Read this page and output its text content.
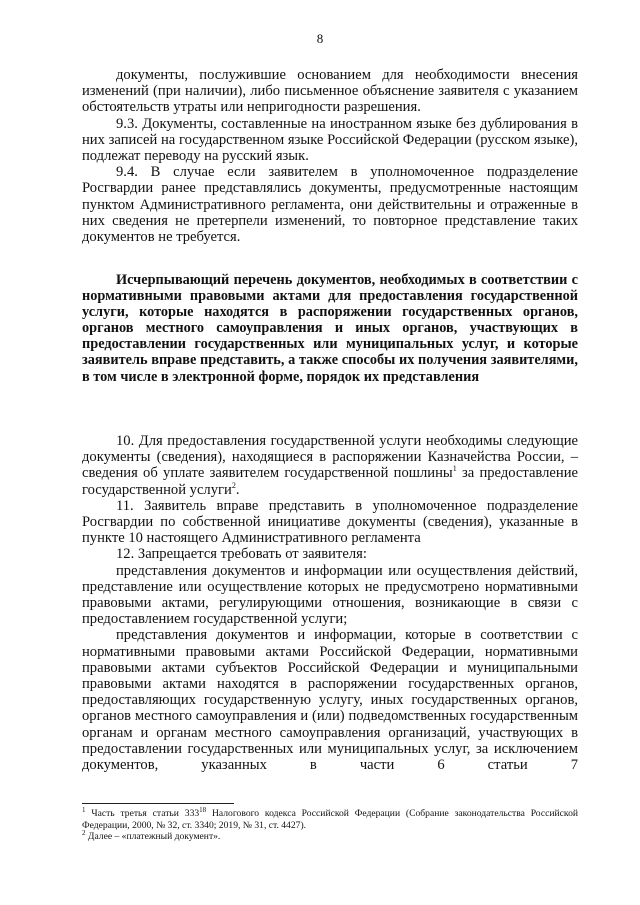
8

документы, послужившие основанием для необходимости внесения изменений (при наличии), либо письменное объяснение заявителя с указанием обстоятельств утраты или непригодности разрешения.

9.3. Документы, составленные на иностранном языке без дублирования в них записей на государственном языке Российской Федерации (русском языке), подлежат переводу на русский язык.

9.4. В случае если заявителем в уполномоченное подразделение Росгвардии ранее представлялись документы, предусмотренные настоящим пунктом Административного регламента, они действительны и отраженные в них сведения не претерпели изменений, то повторное представление таких документов не требуется.

Исчерпывающий перечень документов, необходимых в соответствии с нормативными правовыми актами для предоставления государственной услуги, которые находятся в распоряжении государственных органов, органов местного самоуправления и иных органов, участвующих в предоставлении государственных или муниципальных услуг, и которые заявитель вправе представить, а также способы их получения заявителями, в том числе в электронной форме, порядок их представления

10. Для предоставления государственной услуги необходимы следующие документы (сведения), находящиеся в распоряжении Казначейства России, – сведения об уплате заявителем государственной пошлины$^1$ за предоставление государственной услуги$^2$.

11. Заявитель вправе представить в уполномоченное подразделение Росгвардии по собственной инициативе документы (сведения), указанные в пункте 10 настоящего Административного регламента

12. Запрещается требовать от заявителя:

представления документов и информации или осуществления действий, представление или осуществление которых не предусмотрено нормативными правовыми актами, регулирующими отношения, возникающие в связи с предоставлением государственной услуги;

представления документов и информации, которые в соответствии с нормативными правовыми актами Российской Федерации, нормативными правовыми актами субъектов Российской Федерации и муниципальными правовыми актами находятся в распоряжении государственных органов, предоставляющих государственную услугу, иных государственных органов, органов местного самоуправления и (или) подведомственных государственным органам и органам местного самоуправления организаций, участвующих в предоставлении государственных или муниципальных услуг, за исключением документов, указанных в части 6 статьи 7

$^1$ Часть третья статьи $333^{18}$ Налогового кодекса Российской Федерации (Собрание законодательства Российской Федерации, 2000, № 32, ст. 3340; 2019, № 31, ст. 4427).

$^2$ Далее – «платежный документ».
